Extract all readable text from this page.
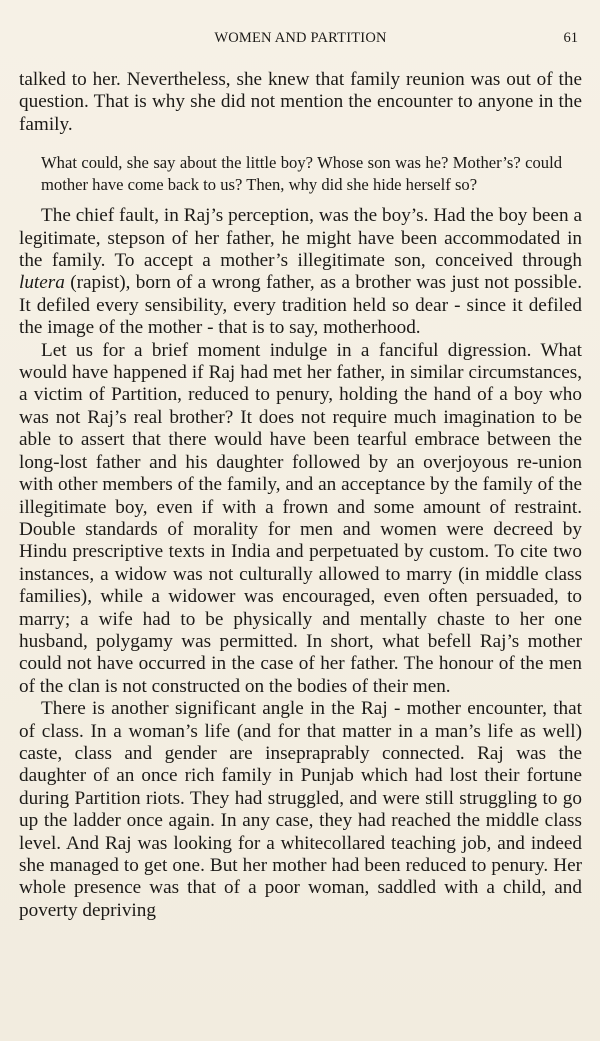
WOMEN AND PARTITION	61

talked to her. Nevertheless, she knew that family reunion was out of the question. That is why she did not mention the encounter to anyone in the family.

What could, she say about the little boy? Whose son was he? Mother’s? could mother have come back to us? Then, why did she hide herself so?

The chief fault, in Raj’s perception, was the boy’s. Had the boy been a legitimate, stepson of her father, he might have been accommodated in the family. To accept a mother’s illegitimate son, conceived through lutera (rapist), born of a wrong father, as a brother was just not possible. It defiled every sensibility, every tradition held so dear - since it defiled the image of the mother - that is to say, motherhood.

Let us for a brief moment indulge in a fanciful digression. What would have happened if Raj had met her father, in similar circumstances, a victim of Partition, reduced to penury, holding the hand of a boy who was not Raj’s real brother? It does not require much imagination to be able to assert that there would have been tearful embrace between the long-lost father and his daughter followed by an overjoyous re-union with other members of the family, and an acceptance by the family of the illegitimate boy, even if with a frown and some amount of restraint. Double standards of morality for men and women were decreed by Hindu prescriptive texts in India and perpetuated by custom. To cite two instances, a widow was not culturally allowed to marry (in middle class families), while a widower was encouraged, even often persuaded, to marry; a wife had to be physically and mentally chaste to her one husband, polygamy was permitted. In short, what befell Raj’s mother could not have occurred in the case of her father. The honour of the men of the clan is not constructed on the bodies of their men.

There is another significant angle in the Raj - mother encounter, that of class. In a woman’s life (and for that matter in a man’s life as well) caste, class and gender are insepraprably connected. Raj was the daughter of an once rich family in Punjab which had lost their fortune during Partition riots. They had struggled, and were still struggling to go up the ladder once again. In any case, they had reached the middle class level. And Raj was looking for a whitecollared teaching job, and indeed she managed to get one. But her mother had been reduced to penury. Her whole presence was that of a poor woman, saddled with a child, and poverty depriving
